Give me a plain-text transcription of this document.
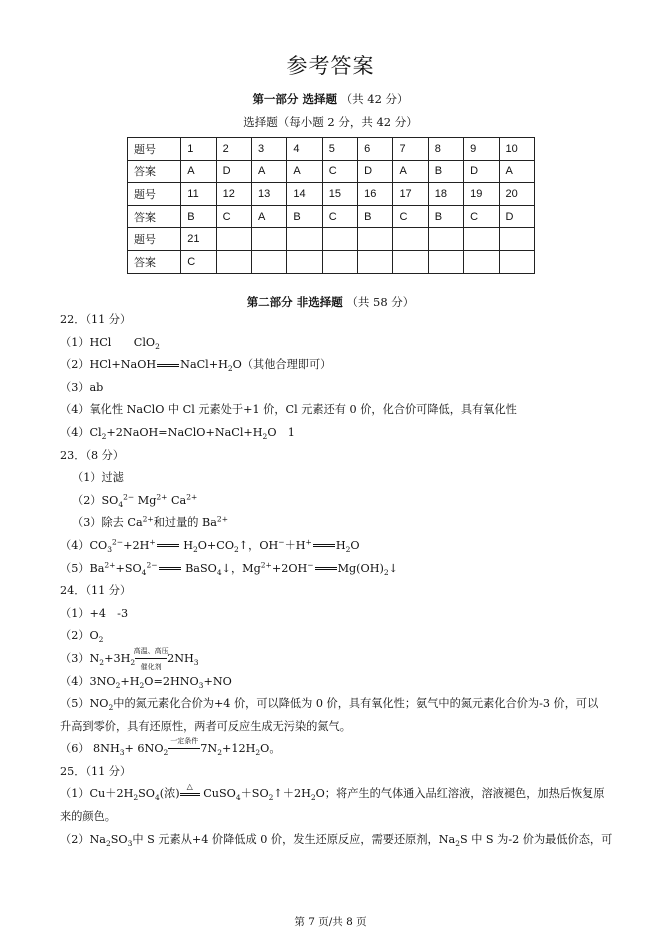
参考答案
第一部分 选择题 （共 42 分）
选择题（每小题 2 分，共 42 分）
题号	1	2	3	4	5	6	7	8	9	10
答案	A	D	A	A	C	D	A	B	D	A
题号	11	12	13	14	15	16	17	18	19	20
答案	B	C	A	B	C	B	C	B	C	D
题号	21									
答案	C									
第二部分 非选择题 （共 58 分）
22．（11 分）
（1）HCl   ClO$_2$
（2）HCl+NaOH $NaCl+H_2O$（其他合理即可）
（3）ab
（4）氧化性 NaClO 中 Cl 元素处于+1 价，Cl 元素还有 0 价，化合价可降低，具有氧化性
$(4)Cl_2+2NaOH=NaClO+NaCl+H_2O$  1
23．（8 分）
（1）过滤
$(2)SO_4^{2-}$ $Mg^{2+}$ $Ca^{2+}$
（3）除去 $Ca^{2+}$和过量的 $Ba^{2+}$
$(4)CO_3^{2-}+2H^+$ $H_2O+CO_2↑$，OH−＋H+ $H_2O$
$(5)Ba^{2+}+SO_4^{2-}$ BaSO$_4$↓，$Mg^{2+}+2OH^-$ $Mg(OH)_2↓$
24．（11 分）
（1）+4　-3
$(2)O_2$
$(3)N_2+3H_2$
高温、高压
催化剂
$2NH_3$
$(4)3NO_2+H_2O=2HNO_3+NO$
$(5)NO_2$中的氮元素化合价为+4 价，可以降低为 0 价，具有氧化性；氨气中的氮元素化合价为-3 价，可以升高到零价，具有还原性，两者可反应生成无污染的氮气。
（6） $8NH_3+ 6NO_2$
一定条件
$7N_2+12H_2O$。
25．（11 分）
$(1)Cu+2H_2SO_4$(浓)
△
$CuSO_4+SO_2↑+2H_2O$；将产生的气体通入品红溶液，溶液褪色，加热后恢复原来的颜色。
$(2)Na_2SO_3$中 S 元素从+4 价降低成 0 价，发生还原反应，需要还原剂，$Na_2S$ 中 S 为-2 价为最低价态，可
第 7 页/共 8 页
